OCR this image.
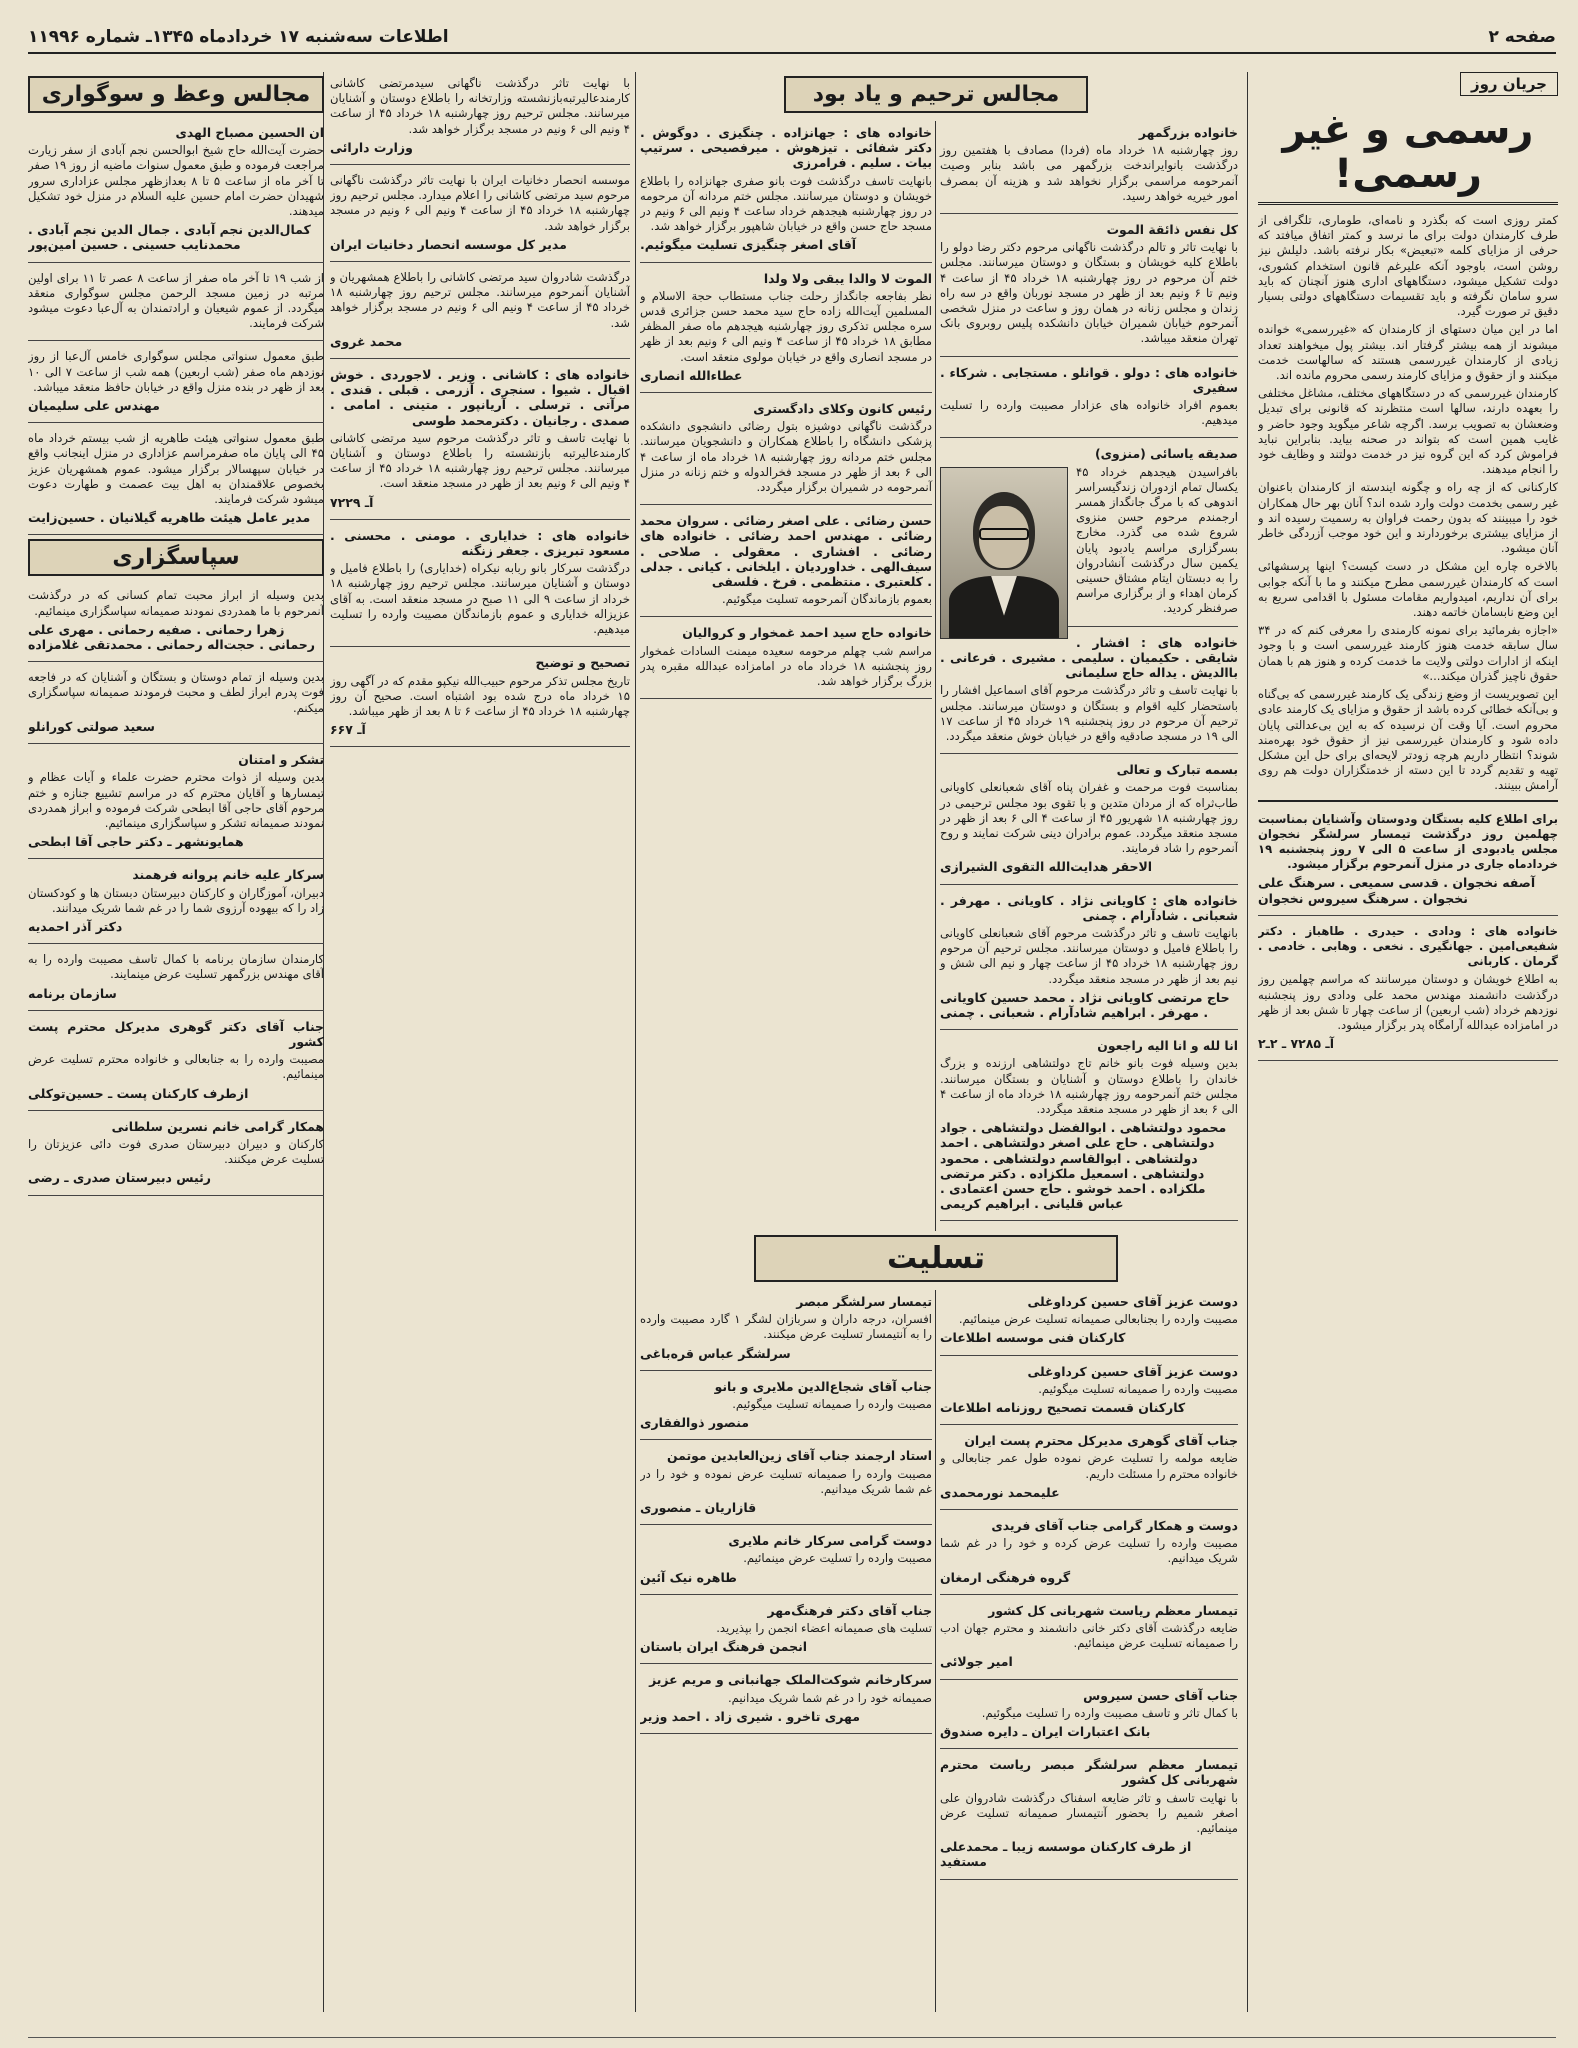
صفحه ۲
اطلاعات سه‌شنبه ۱۷ خردادماه ۱۳۴۵ـ شماره ۱۱۹۹۶
جریان روز
رسمی و غیر رسمی!

کمتر روزی است که بگذرد و نامه‌ای، طوماری، تلگرافی از طرف کارمندان دولت برای ما نرسد و کمتر اتفاق میافتد که حرفی از مزایای کلمه «تبعیض» بکار نرفته باشد. دلیلش نیز روشن است، باوجود آنکه علیرغم قانون استخدام کشوری، دولت تشکیل میشود، دستگاههای اداری هنوز آنچنان که باید سرو سامان نگرفته و باید تقسیمات دستگاههای دولتی بسیار دقیق تر صورت گیرد.

اما در این میان دستهای از کارمندان که «غیررسمی» خوانده میشوند از همه بیشتر گرفتار اند. بیشتر پول میخواهند تعداد زیادی از کارمندان غیررسمی هستند که سالهاست خدمت میکنند و از حقوق و مزایای کارمند رسمی محروم مانده اند.

کارمندان غیررسمی که در دستگاههای مختلف، مشاغل مختلفی را بعهده دارند، سالها است منتظرند که قانونی برای تبدیل وضعشان به تصویب برسد. اگرچه شاعر میگوید وجود حاضر و غایب همین است که بتواند در صحنه بیاید. بنابراین نباید فراموش کرد که این گروه نیز در خدمت دولتند و وظایف خود را انجام میدهند.

کارکنانی که از چه راه و چگونه ایندسته از کارمندان باعنوان غیر رسمی بخدمت دولت وارد شده اند؟ آنان بهر حال همکاران خود را میبینند که بدون رحمت فراوان به رسمیت رسیده اند و از مزایای بیشتری برخوردارند و این خود موجب آزردگی خاطر آنان میشود.

بالاخره چاره این مشکل در دست کیست؟ اینها پرسشهائی است که کارمندان غیررسمی مطرح میکنند و ما با آنکه جوابی برای آن نداریم، امیدواریم مقامات مسئول با اقدامی سریع به این وضع نابسامان خاتمه دهند.

«اجازه بفرمائید برای نمونه کارمندی را معرفی کنم که در ۳۴ سال سابقه خدمت هنوز کارمند غیررسمی است و با وجود اینکه از ادارات دولتی ولایت ما خدمت کرده و هنوز هم با همان حقوق ناچیز گذران میکند...»

این تصویریست از وضع زندگی یک کارمند غیررسمی که بی‌گناه و بی‌آنکه خطائی کرده باشد از حقوق و مزایای یک کارمند عادی محروم است. آیا وقت آن نرسیده که به این بی‌عدالتی پایان داده شود و کارمندان غیررسمی نیز از حقوق خود بهره‌مند شوند؟ انتظار داریم هرچه زودتر لایحه‌ای برای حل این مشکل تهیه و تقدیم گردد تا این دسته از خدمتگزاران دولت هم روی آرامش ببینند.

برای اطلاع کلیه بستگان ودوستان وآشنایان بمناسبت چهلمین روز درگذشت تیمسار سرلشگر نخجوان مجلس یادبودی از ساعت ۵ الی ۷ روز پنجشنبه ۱۹ خردادماه جاری در منزل آنمرحوم برگزار میشود.

آصفه نخجوان . قدسی سمیعی . سرهنگ علی نخجوان . سرهنگ سیروس نخجوان

خانواده های : ودادی . حیدری . طاهباز . دکتر شفیعی‌امین . جهانگیری . نخعی . وهابی . خادمی . گرمان . کاربانی

به اطلاع خویشان و دوستان میرسانند که مراسم چهلمین روز درگذشت دانشمند مهندس محمد علی ودادی روز پنجشنبه نوزدهم خرداد (شب اربعین) از ساعت چهار تا شش بعد از ظهر در امامزاده عبدالله آرامگاه پدر برگزار میشود.

آـ ۷۲۸۵ ـ ۲ـ۲

مجالس ترحیم و یاد بود

خانواده بزرگمهر

روز چهارشنبه ۱۸ خرداد ماه (فردا) مصادف با هفتمین روز درگذشت بانوایراندخت بزرگمهر می باشد بنابر وصیت آنمرحومه مراسمی برگزار نخواهد شد و هزینه آن بمصرف امور خیریه خواهد رسید.

کل نفس ذائقة الموت

با نهایت تاثر و تالم درگذشت ناگهانی مرحوم دکتر رضا دولو را باطلاع کلیه خویشان و بستگان و دوستان میرسانند. مجلس ختم آن مرحوم در روز چهارشنبه ۱۸ خرداد ۴۵ از ساعت ۴ ونیم تا ۶ ونیم بعد از ظهر در مسجد نوربان واقع در سه راه زندان و مجلس زنانه در همان روز و ساعت در منزل شخصی آنمرحوم خیابان شمیران خیابان دانشکده پلیس روبروی بانک تهران منعقد میباشد.

خانواده های : دولو . قوانلو . مستجابی . شرکاء . سفیری

بعموم افراد خانواده های عزادار مصیبت وارده را تسلیت میدهیم.

صدیقه یاسائی (منزوی)

بافراسیدن هیجدهم خرداد ۴۵ یکسال تمام ازدوران زندگیسراسر اندوهی که با مرگ جانگداز همسر ارجمندم مرحوم حسن منزوی شروع شده می گذرد. مخارج بسرگزاری مراسم یادبود پایان یکمین سال درگذشت آنشادروان را به دبستان ایتام مشتاق حسینی کرمان اهداء و از برگزاری مراسم صرفنظر کردید.

خانواده های : افشار . شایقی . حکیمیان . سلیمی . مشیری . فرعانی . باالدیش . یداله حاج سلیمانی

با نهایت تاسف و تاثر درگذشت مرحوم آقای اسماعیل افشار را باستحضار کلیه اقوام و بستگان و دوستان میرسانند. مجلس ترحیم آن مرحوم در روز پنجشنبه ۱۹ خرداد ۴۵ از ساعت ۱۷ الی ۱۹ در مسجد صادقیه واقع در خیابان خوش منعقد میگردد.

بسمه تبارک و تعالی

بمناسبت فوت مرحمت و غفران پناه آقای شعبانعلی کاویانی طاب‌ثراه که از مردان متدین و با تقوی بود مجلس ترحیمی در روز چهارشنبه ۱۸ شهریور ۴۵ از ساعت ۴ الی ۶ بعد از ظهر در مسجد منعقد میگردد. عموم برادران دینی شرکت نمایند و روح آنمرحوم را شاد فرمایند.

الاحقر هدایت‌الله التقوی الشیرازی

خانواده های : کاویانی نژاد . کاویانی . مهرفر . شعبانی . شادآرام . چمنی

بانهایت تاسف و تاثر درگذشت مرحوم آقای شعبانعلی کاویانی را باطلاع فامیل و دوستان میرسانند. مجلس ترحیم آن مرحوم روز چهارشنبه ۱۸ خرداد ۴۵ از ساعت چهار و نیم الی شش و نیم بعد از ظهر در مسجد منعقد میگردد.

حاج مرتضی کاویانی نژاد . محمد حسین کاویانی . مهرفر . ابراهیم شادآرام . شعبانی . چمنی

انا لله و انا الیه راجعون

بدین وسیله فوت بانو خانم تاج دولتشاهی ارزنده و بزرگ خاندان را باطلاع دوستان و آشنایان و بستگان میرسانند. مجلس ختم آنمرحومه روز چهارشنبه ۱۸ خرداد ماه از ساعت ۴ الی ۶ بعد از ظهر در مسجد منعقد میگردد.

محمود دولتشاهی . ابوالفضل دولتشاهی . جواد دولتشاهی . حاج علی اصغر دولتشاهی . احمد دولتشاهی . ابوالقاسم دولتشاهی . محمود دولتشاهی . اسمعیل ملکزاده . دکتر مرتضی ملکزاده . احمد خوشو . حاج حسن اعتمادی . عباس قلیانی . ابراهیم کریمی

خانواده های : جهانزاده . چنگیزی . دوگوش . دکتر شفائی . تیزهوش . میرفصیحی . سرتیپ بیات . سلیم . فرامرزی

بانهایت تاسف درگذشت فوت بانو صفری جهانزاده را باطلاع خویشان و دوستان میرسانند. مجلس ختم مردانه آن مرحومه در روز چهارشنبه هیجدهم خرداد ساعت ۴ ونیم الی ۶ ونیم در مسجد حاج حسن واقع در خیابان شاهپور برگزار خواهد شد.

آقای اصغر چنگیزی تسلیت میگوئیم.

الموت لا والدا یبقی ولا ولدا

نظر بفاجعه جانگداز رحلت جناب مستطاب حجة الاسلام و المسلمین آیت‌الله زاده حاج سید محمد حسن جزائری قدس سره مجلس تذکری روز چهارشنبه هیجدهم ماه صفر المظفر مطابق ۱۸ خرداد ۴۵ از ساعت ۴ ونیم الی ۶ ونیم بعد از ظهر در مسجد انصاری واقع در خیابان مولوی منعقد است.

عطاءالله انصاری

رئیس کانون وکلای دادگستری

درگذشت ناگهانی دوشیزه بتول رضائی دانشجوی دانشکده پزشکی دانشگاه را باطلاع همکاران و دانشجویان میرسانند. مجلس ختم مردانه روز چهارشنبه ۱۸ خرداد ماه از ساعت ۴ الی ۶ بعد از ظهر در مسجد فخرالدوله و ختم زنانه در منزل آنمرحومه در شمیران برگزار میگردد.

حسن رضائی . علی اصغر رضائی . سروان محمد رضائی . مهندس احمد رضائی . خانواده های رضائی . افشاری . معقولی . صلاحی . سیف‌الهی . خداوردیان . ایلخانی . کیانی . جدلی . کلعتبری . منتظمی . فرخ . فلسفی

بعموم بازماندگان آنمرحومه تسلیت میگوئیم.

خانواده حاج سید احمد غمخوار و کروالیان

مراسم شب چهلم مرحومه سعیده میمنت السادات غمخوار روز پنجشنبه ۱۸ خرداد ماه در امامزاده عبدالله مقبره پدر بزرگ برگزار خواهد شد.

تسلیت

دوست عزیز آقای حسین کرداوغلی

مصیبت وارده را بجنابعالی صمیمانه تسلیت عرض مینمائیم.

کارکنان فنی موسسه اطلاعات

دوست عزیز آقای حسین کرداوغلی

مصیبت وارده را صمیمانه تسلیت میگوئیم.

کارکنان قسمت تصحیح روزنامه اطلاعات

جناب آقای گوهری مدیرکل محترم پست ایران

ضایعه مولمه را تسلیت عرض نموده طول عمر جنابعالی و خانواده محترم را مسئلت داریم.

علیمحمد نورمحمدی

دوست و همکار گرامی جناب آقای فریدی

مصیبت وارده را تسلیت عرض کرده و خود را در غم شما شریک میدانیم.

گروه فرهنگی ارمغان

تیمسار معظم ریاست شهربانی کل کشور

ضایعه درگذشت آقای دکتر خانی دانشمند و محترم جهان ادب را صمیمانه تسلیت عرض مینمائیم.

امیر جولائی

جناب آقای حسن سیروس

با کمال تاثر و تاسف مصیبت وارده را تسلیت میگوئیم.

بانک اعتبارات ایران ـ دایره صندوق

تیمسار معظم سرلشگر مبصر ریاست محترم شهربانی کل کشور

با نهایت تاسف و تاثر ضایعه اسفناک درگذشت شادروان علی اصغر شمیم را بحضور آنتیمسار صمیمانه تسلیت عرض مینمائیم.

از طرف کارکنان موسسه زیبا ـ محمدعلی مستفید

تیمسار سرلشگر مبصر

افسران، درجه داران و سربازان لشگر ۱ گارد مصیبت وارده را به آنتیمسار تسلیت عرض میکنند.

سرلشگر عباس قره‌باغی

جناب آقای شجاع‌الدین ملایری و بانو

مصیبت وارده را صمیمانه تسلیت میگوئیم.

منصور ذوالفقاری

استاد ارجمند جناب آقای زین‌العابدین موتمن

مصیبت وارده را صمیمانه تسلیت عرض نموده و خود را در غم شما شریک میدانیم.

قازاریان ـ منصوری

دوست گرامی سرکار خانم ملایری

مصیبت وارده را تسلیت عرض مینمائیم.

طاهره نیک آئین

جناب آقای دکتر فرهنگ‌مهر

تسلیت های صمیمانه اعضاء انجمن را بپذیرید.

انجمن فرهنگ ایران باستان

سرکارخانم شوکت‌الملک جهانبانی و مریم عزیز

صمیمانه خود را در غم شما شریک میدانیم.

مهری تاخرو . شیری زاد . احمد وزیر

با نهایت تاثر درگذشت ناگهانی سیدمرتضی کاشانی کارمندعالیرتبه‌بازنشسته وزارتخانه را باطلاع دوستان و آشنایان میرسانند. مجلس ترحیم روز چهارشنبه ۱۸ خرداد ۴۵ از ساعت ۴ ونیم الی ۶ ونیم در مسجد برگزار خواهد شد.

وزارت دارائی

موسسه انحصار دخانیات ایران با نهایت تاثر درگذشت ناگهانی مرحوم سید مرتضی کاشانی را اعلام میدارد. مجلس ترحیم روز چهارشنبه ۱۸ خرداد ۴۵ از ساعت ۴ ونیم الی ۶ ونیم در مسجد برگزار خواهد شد.

مدیر کل موسسه انحصار دخانیات ایران

درگذشت شادروان سید مرتضی کاشانی را باطلاع همشهریان و آشنایان آنمرحوم میرسانند. مجلس ترحیم روز چهارشنبه ۱۸ خرداد ۴۵ از ساعت ۴ ونیم الی ۶ ونیم در مسجد برگزار خواهد شد.

محمد غروی

خانواده های : کاشانی . وزیر . لاجوردی . خوش اقبال . شیوا . سنجری . آزرمی . قبلی . قندی . مرآتی . ترسلی . آریانپور . متینی . امامی . صمدی . رجانیان . دکترمحمد طوسی

با نهایت تاسف و تاثر درگذشت مرحوم سید مرتضی کاشانی کارمندعالیرتبه بازنشسته را باطلاع دوستان و آشنایان میرسانند. مجلس ترحیم روز چهارشنبه ۱۸ خرداد ۴۵ از ساعت ۴ ونیم الی ۶ ونیم بعد از ظهر در مسجد منعقد است.

آـ ۷۲۲۹

خانواده های : خدایاری . مومنی . محسنی . مسعود تبریزی . جعفر زنگنه

درگذشت سرکار بانو ربابه نیکراه (خدایاری) را باطلاع فامیل و دوستان و آشنایان میرسانند. مجلس ترحیم روز چهارشنبه ۱۸ خرداد از ساعت ۹ الی ۱۱ صبح در مسجد منعقد است. به آقای عزیزاله خدایاری و عموم بازماندگان مصیبت وارده را تسلیت میدهیم.

تصحیح و توضیح

تاریخ مجلس تذکر مرحوم حبیب‌الله نیکپو مقدم که در آگهی روز ۱۵ خرداد ماه درج شده بود اشتباه است. صحیح آن روز چهارشنبه ۱۸ خرداد ۴۵ از ساعت ۶ تا ۸ بعد از ظهر میباشد.

آـ ۶۶۷

مجالس وعظ و سوگواری

ان الحسین مصباح الهدی

حضرت آیت‌الله حاج شیخ ابوالحسن نجم آبادی از سفر زیارت مراجعت فرموده و طبق معمول سنوات ماضیه از روز ۱۹ صفر تا آخر ماه از ساعت ۵ تا ۸ بعدازظهر مجلس عزاداری سرور شهیدان حضرت امام حسین علیه السلام در منزل خود تشکیل میدهند.

کمال‌الدین نجم آبادی . جمال الدین نجم آبادی . محمدنایب حسینی . حسین امین‌پور

از شب ۱۹ تا آخر ماه صفر از ساعت ۸ عصر تا ۱۱ برای اولین مرتبه در زمین مسجد الرحمن مجلس سوگواری منعقد میگردد. از عموم شیعیان و ارادتمندان به آل‌عبا دعوت میشود شرکت فرمایند.

طبق معمول سنواتی مجلس سوگواری خامس آل‌عبا از روز نوزدهم ماه صفر (شب اربعین) همه شب از ساعت ۷ الی ۱۰ بعد از ظهر در بنده منزل واقع در خیابان حافظ منعقد میباشد.

مهندس علی سلیمیان

طبق معمول سنواتی هیئت طاهریه از شب بیستم خرداد ماه ۴۵ الی پایان ماه صفرمراسم عزاداری در منزل اینجانب واقع در خیابان سپهسالار برگزار میشود. عموم همشهریان عزیز بخصوص علاقمندان به اهل بیت عصمت و طهارت دعوت میشود شرکت فرمایند.

مدیر عامل هیئت طاهریه گیلانیان . حسین‌زایت

سپاسگزاری

بدین وسیله از ابراز محبت تمام کسانی که در درگذشت آنمرحوم با ما همدردی نمودند صمیمانه سپاسگزاری مینمائیم.

زهرا رحمانی . صفیه رحمانی . مهری علی رحمانی . حجت‌اله رحمانی . محمدتقی غلامزاده

بدین وسیله از تمام دوستان و بستگان و آشنایان که در فاجعه فوت پدرم ابراز لطف و محبت فرمودند صمیمانه سپاسگزاری میکنم.

سعید صولتی کورانلو

تشکر و امتنان

بدین وسیله از ذوات محترم حضرت علماء و آیات عظام و تیمسارها و آقایان محترم که در مراسم تشییع جنازه و ختم مرحوم آقای حاجی آقا ابطحی شرکت فرموده و ابراز همدردی نمودند صمیمانه تشکر و سپاسگزاری مینمائیم.

همایونشهر ـ دکتر حاجی آقا ابطحی

سرکار علیه خانم پروانه فرهمند

دبیران، آموزگاران و کارکنان دبیرستان دبستان ها و کودکستان زاد را که بیهوده آرزوی شما را در غم شما شریک میدانند.

دکتر آذر احمدیه

کارمندان سازمان برنامه با کمال تاسف مصیبت وارده را به آقای مهندس بزرگمهر تسلیت عرض مینمایند.

سازمان برنامه

جناب آقای دکتر گوهری مدیرکل محترم پست کشور

مصیبت وارده را به جنابعالی و خانواده محترم تسلیت عرض مینمائیم.

ازطرف کارکنان پست ـ حسین‌توکلی

همکار گرامی خانم نسرین سلطانی

کارکنان و دبیران دبیرستان صدری فوت دائی عزیزتان را تسلیت عرض میکنند.

رئیس دبیرستان صدری ـ رضی
